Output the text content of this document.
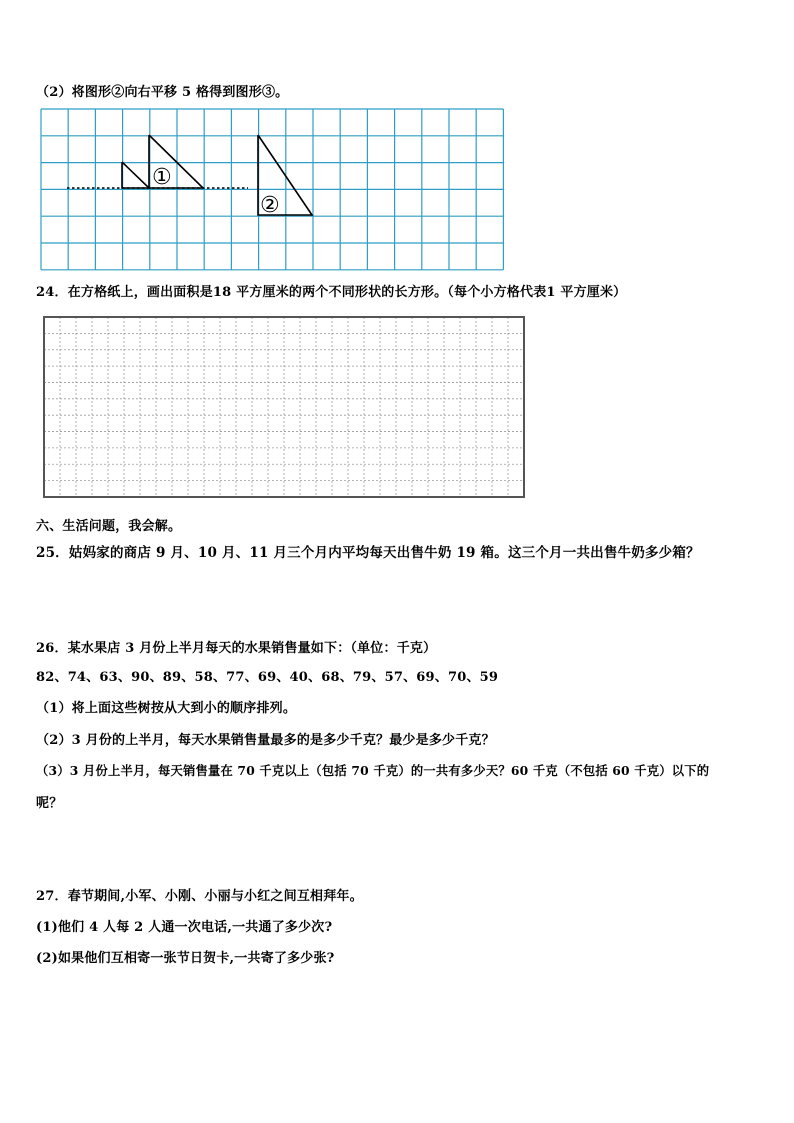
（2）将图形②向右平移 5 格得到图形③。
①
②
24．在方格纸上，画出面积是18 平方厘米的两个不同形状的长方形。（每个小方格代表1 平方厘米）
六、生活问题，我会解。
25．姑妈家的商店 9 月、10 月、11 月三个月内平均每天出售牛奶 19 箱。这三个月一共出售牛奶多少箱？
26．某水果店 3 月份上半月每天的水果销售量如下：（单位：千克）
82、74、63、90、89、58、77、69、40、68、79、57、69、70、59
（1）将上面这些树按从大到小的顺序排列。
（2）3 月份的上半月，每天水果销售量最多的是多少千克？最少是多少千克？
（3）3 月份上半月，每天销售量在 70 千克以上（包括 70 千克）的一共有多少天？60 千克（不包括 60 千克）以下的
呢？
27．春节期间,小军、小刚、小丽与小红之间互相拜年。
(1)他们 4 人每 2 人通一次电话,一共通了多少次?
(2)如果他们互相寄一张节日贺卡,一共寄了多少张?
